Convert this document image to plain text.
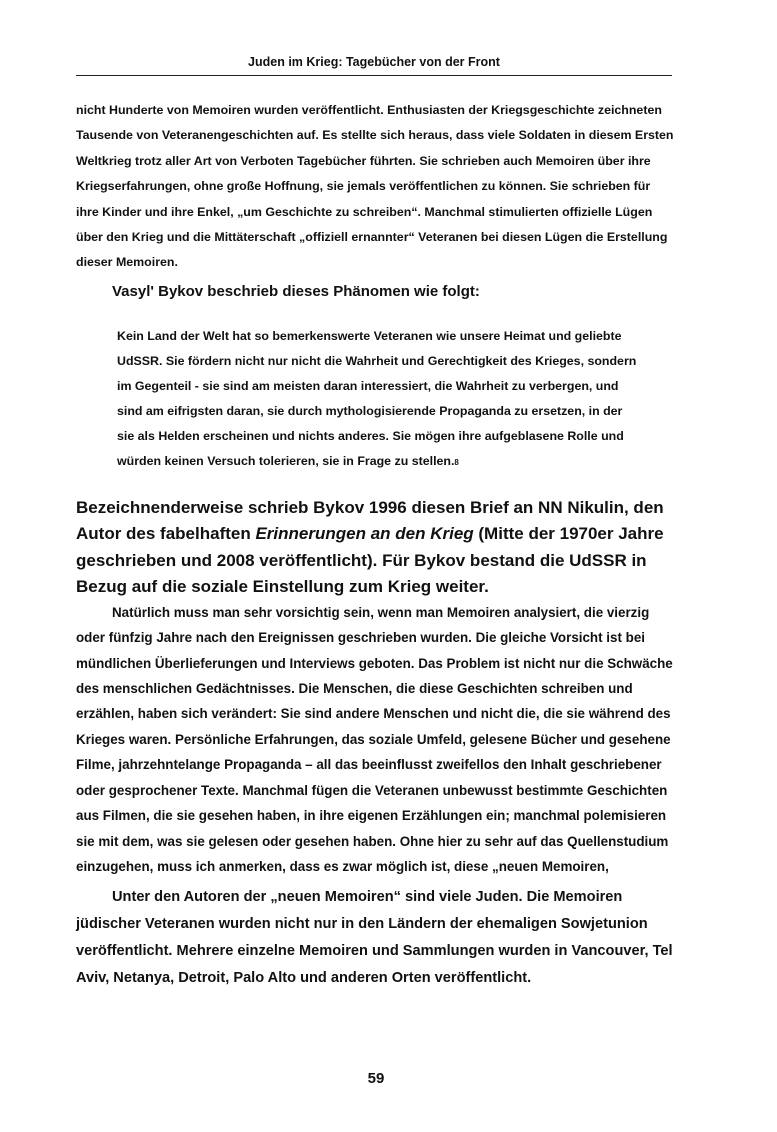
Juden im Krieg: Tagebücher von der Front

nicht Hunderte von Memoiren wurden veröffentlicht. Enthusiasten der Kriegsgeschichte zeichneten Tausende von Veteranengeschichten auf. Es stellte sich heraus, dass viele Soldaten in diesem Ersten Weltkrieg trotz aller Art von Verboten Tagebücher führten. Sie schrieben auch Memoiren über ihre Kriegserfahrungen, ohne große Hoffnung, sie jemals veröffentlichen zu können. Sie schrieben für ihre Kinder und ihre Enkel, „um Geschichte zu schreiben“. Manchmal stimulierten offizielle Lügen über den Krieg und die Mittäterschaft „offiziell ernannter“ Veteranen bei diesen Lügen die Erstellung dieser Memoiren.

Vasyl' Bykov beschrieb dieses Phänomen wie folgt:

Kein Land der Welt hat so bemerkenswerte Veteranen wie unsere Heimat und geliebte UdSSR. Sie fördern nicht nur nicht die Wahrheit und Gerechtigkeit des Krieges, sondern im Gegenteil - sie sind am meisten daran interessiert, die Wahrheit zu verbergen, und sind am eifrigsten daran, sie durch mythologisierende Propaganda zu ersetzen, in der sie als Helden erscheinen und nichts anderes. Sie mögen ihre aufgeblasene Rolle und würden keinen Versuch tolerieren, sie in Frage zu stellen.8

Bezeichnenderweise schrieb Bykov 1996 diesen Brief an NN Nikulin, den Autor des fabelhaften Erinnerungen an den Krieg (Mitte der 1970er Jahre geschrieben und 2008 veröffentlicht). Für Bykov bestand die UdSSR in Bezug auf die soziale Einstellung zum Krieg weiter.

Natürlich muss man sehr vorsichtig sein, wenn man Memoiren analysiert, die vierzig oder fünfzig Jahre nach den Ereignissen geschrieben wurden. Die gleiche Vorsicht ist bei mündlichen Überlieferungen und Interviews geboten. Das Problem ist nicht nur die Schwäche des menschlichen Gedächtnisses. Die Menschen, die diese Geschichten schreiben und erzählen, haben sich verändert: Sie sind andere Menschen und nicht die, die sie während des Krieges waren. Persönliche Erfahrungen, das soziale Umfeld, gelesene Bücher und gesehene Filme, jahrzehntelange Propaganda – all das beeinflusst zweifellos den Inhalt geschriebener oder gesprochener Texte. Manchmal fügen die Veteranen unbewusst bestimmte Geschichten aus Filmen, die sie gesehen haben, in ihre eigenen Erzählungen ein; manchmal polemisieren sie mit dem, was sie gelesen oder gesehen haben. Ohne hier zu sehr auf das Quellenstudium einzugehen, muss ich anmerken, dass es zwar möglich ist, diese „neuen Memoiren,

Unter den Autoren der „neuen Memoiren“ sind viele Juden. Die Memoiren jüdischer Veteranen wurden nicht nur in den Ländern der ehemaligen Sowjetunion veröffentlicht. Mehrere einzelne Memoiren und Sammlungen wurden in Vancouver, Tel Aviv, Netanya, Detroit, Palo Alto und anderen Orten veröffentlicht.

59
